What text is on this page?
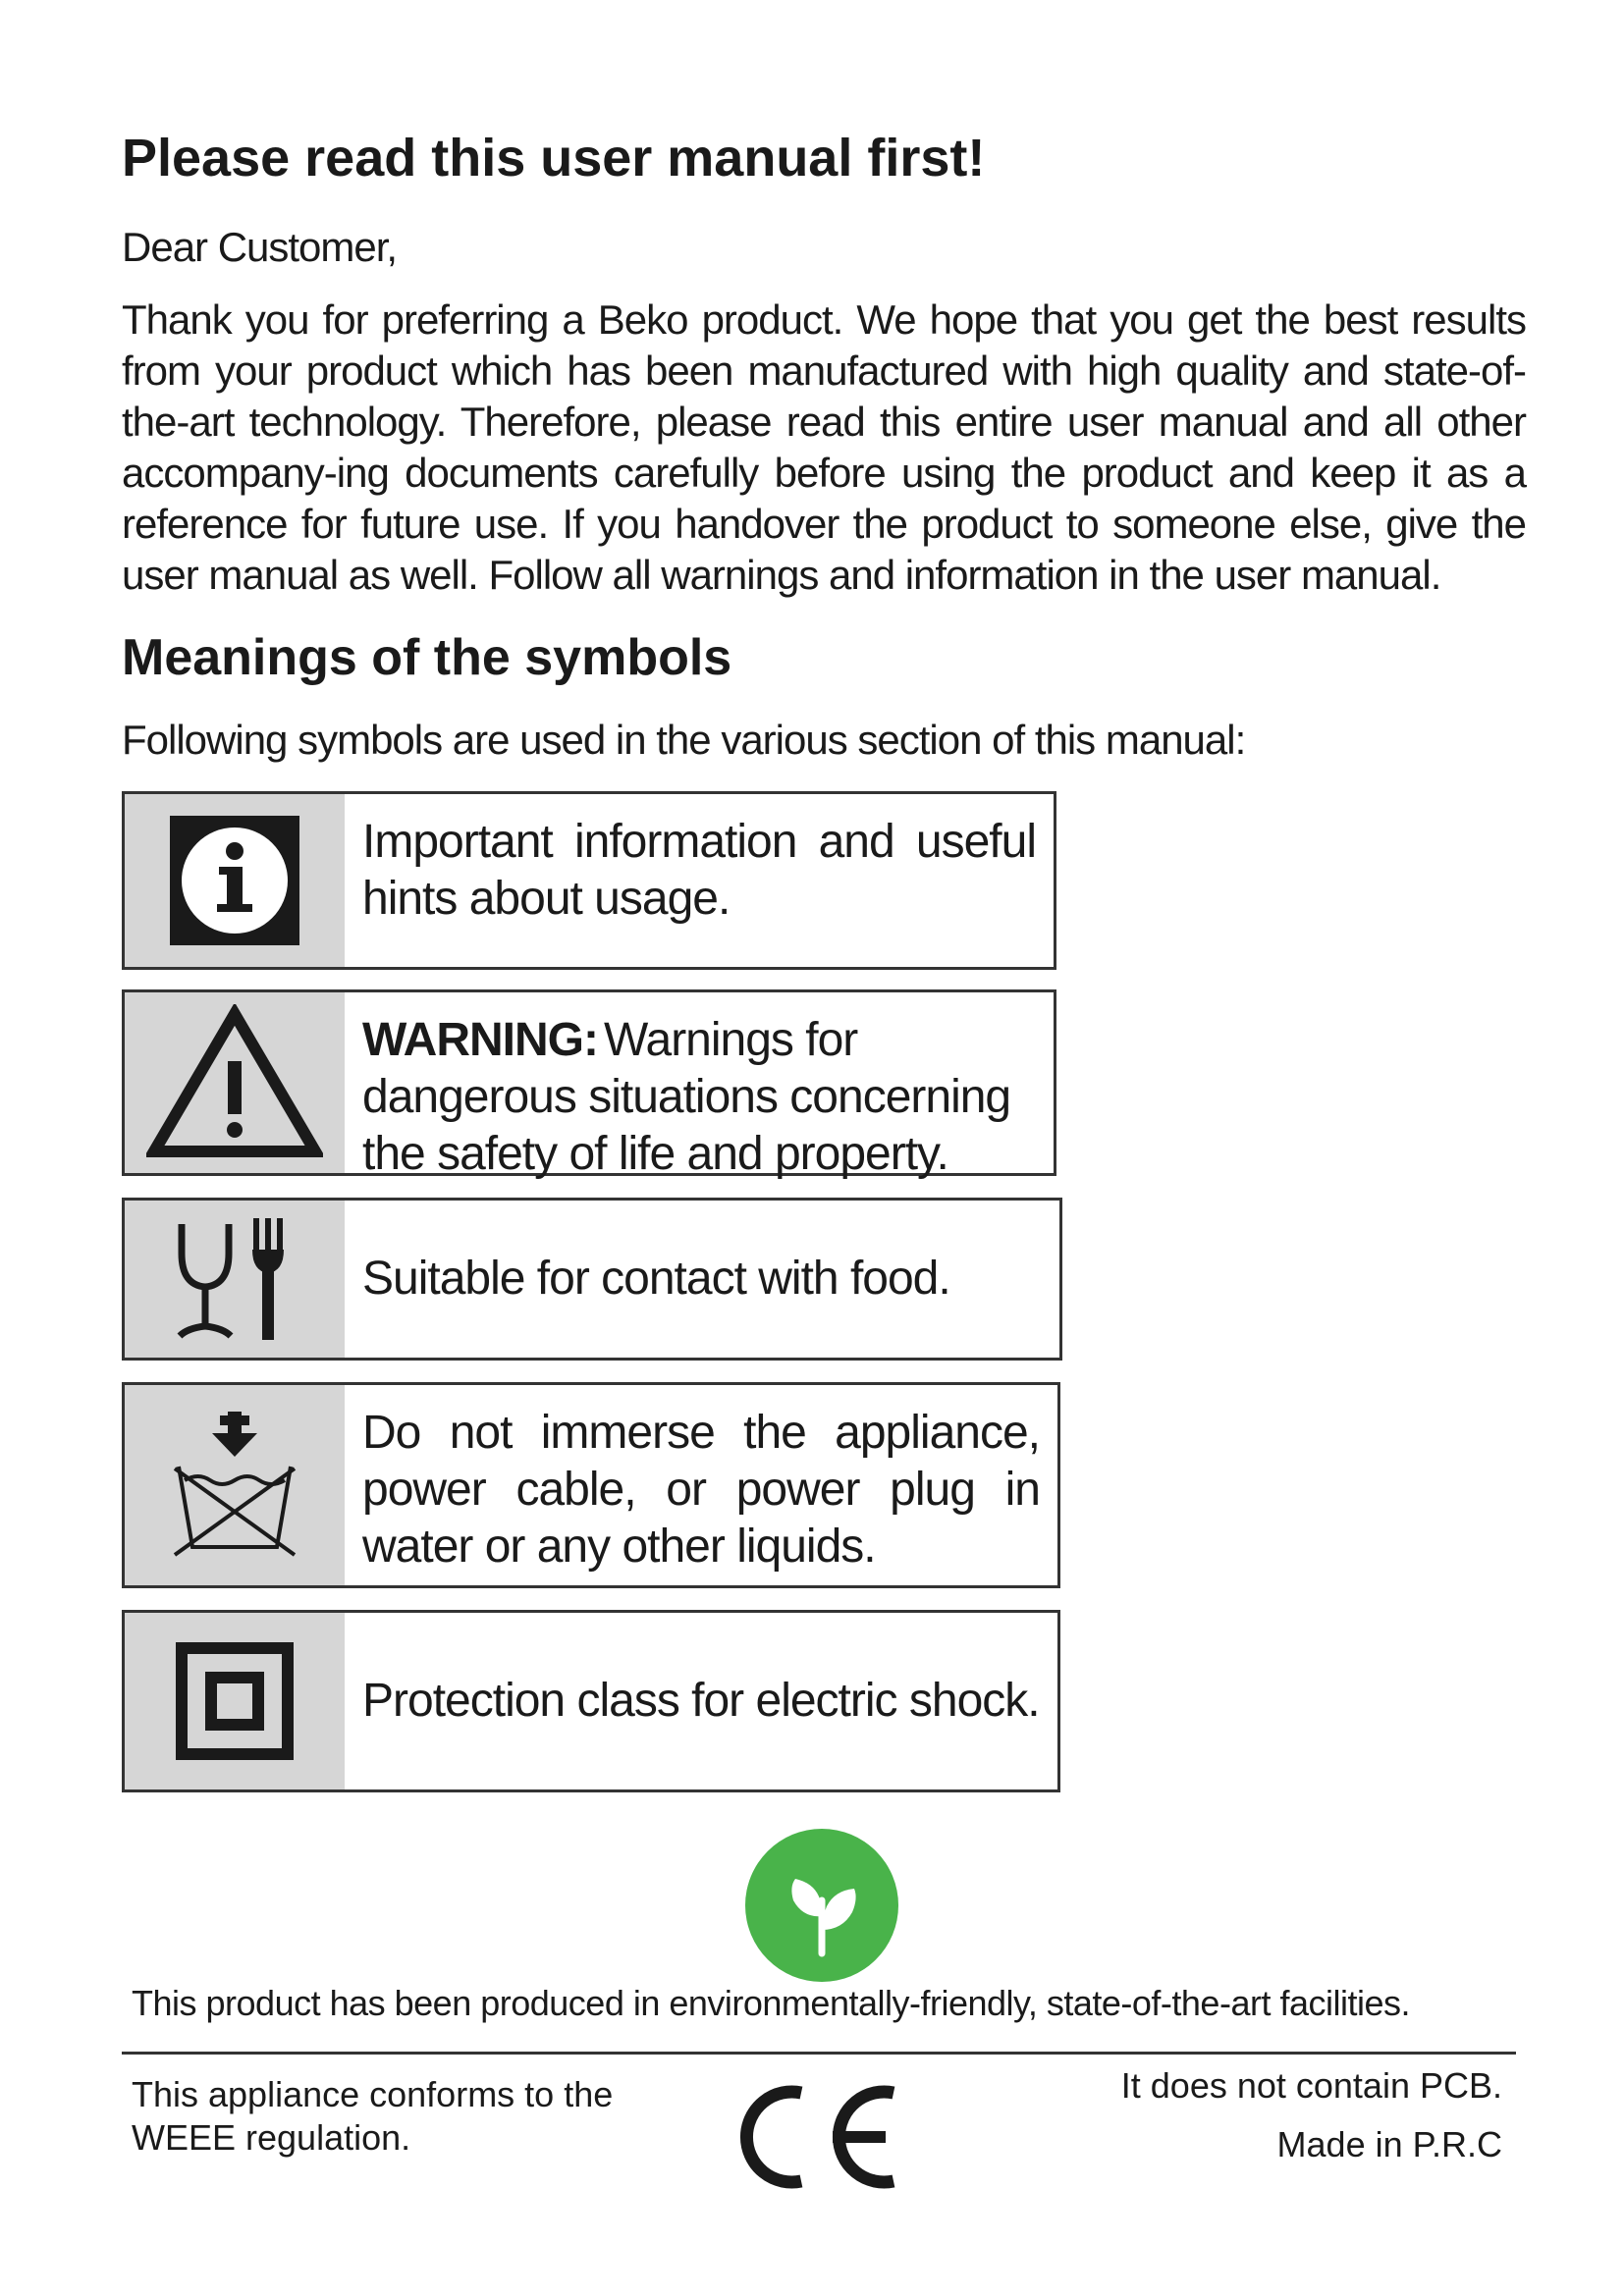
Please read this user manual first!

Dear Customer,

Thank you for preferring a Beko product. We hope that you get the best results from your product which has been manufactured with high quality and state-of-the-art technology. Therefore, please read this entire user manual and all other accompany-ing documents carefully before using the product and keep it as a reference for future use. If you handover the product to someone else, give the user manual as well. Follow all warnings and information in the user manual.

Meanings of the symbols

Following symbols are used in the various section of this manual:

Important information and useful hints about usage.
WARNING: Warnings for dangerous situations concerning the safety of life and property.
Suitable for contact with food.
Do not immerse the appliance, power cable, or power plug in water or any other liquids.
Protection class for electric shock.

This product has been produced in environmentally-friendly, state-of-the-art facilities.

This appliance conforms to the WEEE regulation.

It does not contain PCB.

Made in P.R.C
